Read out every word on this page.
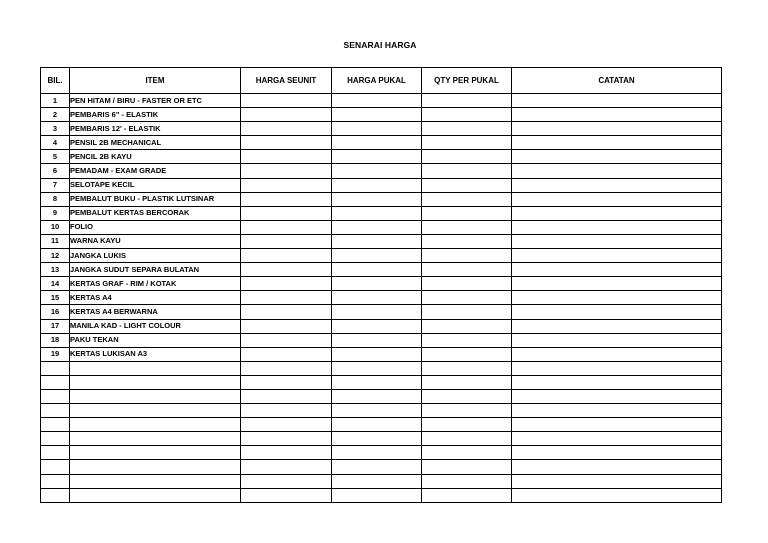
SENARAI HARGA
BIL.	ITEM	HARGA SEUNIT	HARGA PUKAL	QTY PER PUKAL	CATATAN
1	PEN HITAM / BIRU - FASTER OR ETC				
2	PEMBARIS 6" - ELASTIK				
3	PEMBARIS 12' - ELASTIK				
4	PENSIL 2B MECHANICAL				
5	PENCIL 2B KAYU				
6	PEMADAM - EXAM GRADE				
7	SELOTAPE KECIL				
8	PEMBALUT BUKU - PLASTIK LUTSINAR				
9	PEMBALUT KERTAS BERCORAK				
10	FOLIO				
11	WARNA KAYU				
12	JANGKA LUKIS				
13	JANGKA SUDUT SEPARA BULATAN				
14	KERTAS GRAF - RIM / KOTAK				
15	KERTAS A4				
16	KERTAS A4 BERWARNA				
17	MANILA KAD - LIGHT COLOUR				
18	PAKU TEKAN				
19	KERTAS LUKISAN A3				
